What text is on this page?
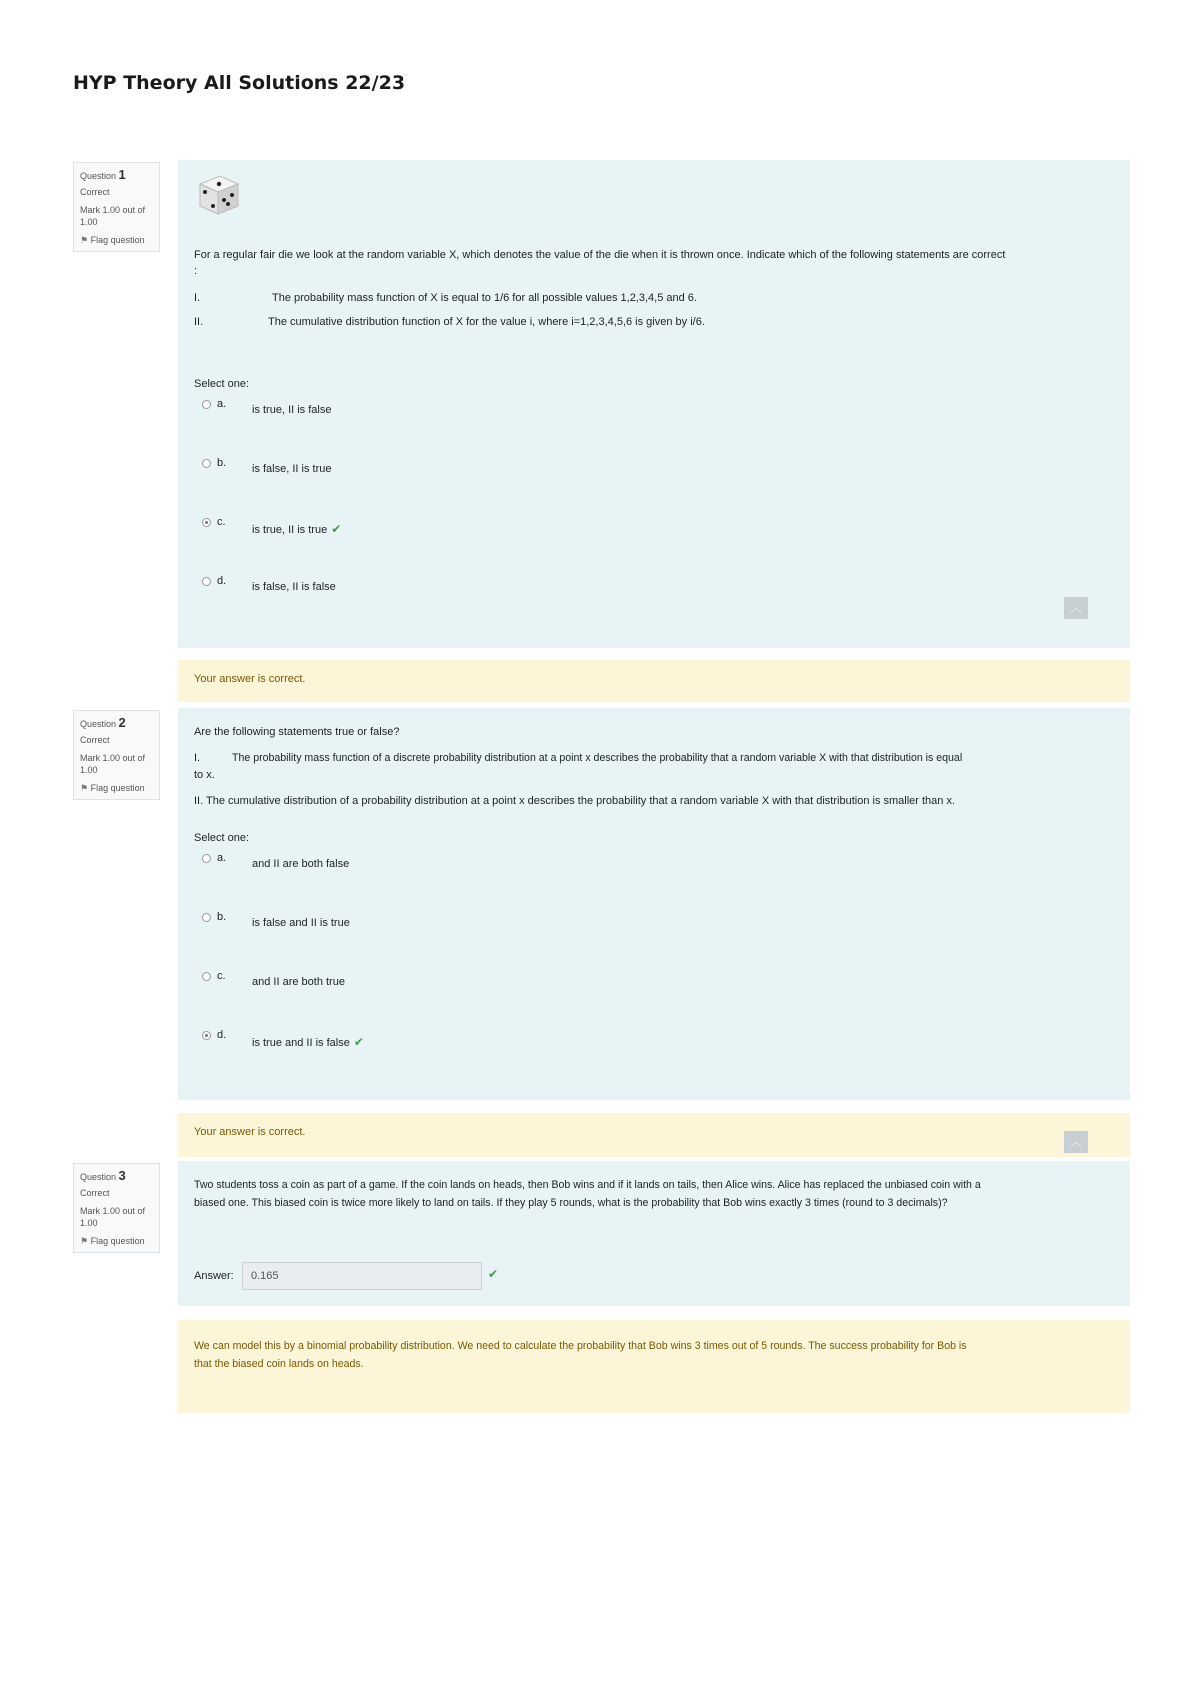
HYP Theory All Solutions 22/23
Question 1
Correct
Mark 1.00 out of 1.00
⚑ Flag question
For a regular fair die we look at the random variable X, which denotes the value of the die when it is thrown once. Indicate which of the following statements are correct
:
I.	The probability mass function of X is equal to 1/6 for all possible values 1,2,3,4,5 and 6.
II.	The cumulative distribution function of X for the value i, where i=1,2,3,4,5,6 is given by i/6.
Select one:
a. is true, II is false
b. is false, II is true
c.
is true, II is true ✔
d. is false, II is false
︿
Your answer is correct.
Question 2
Correct
Mark 1.00 out of 1.00
⚑ Flag question
Are the following statements true or false?
I.	The probability mass function of a discrete probability distribution at a point x describes the probability that a random variable X with that distribution is equal
to x.
II. The cumulative distribution of a probability distribution at a point x describes the probability that a random variable X with that distribution is smaller than x.
Select one:
a. and II are both false
b. is false and II is true
c. and II are both true
d.
is true and II is false ✔
Your answer is correct.
︿
Question 3
Correct
Mark 1.00 out of 1.00
⚑ Flag question
Two students toss a coin as part of a game. If the coin lands on heads, then Bob wins and if it lands on tails, then Alice wins. Alice has replaced the unbiased coin with a
biased one. This biased coin is twice more likely to land on tails. If they play 5 rounds, what is the probability that Bob wins exactly 3 times (round to 3 decimals)?
Answer:
0.165	✔
We can model this by a binomial probability distribution. We need to calculate the probability that Bob wins 3 times out of 5 rounds. The success probability for Bob is
that the biased coin lands on heads.
